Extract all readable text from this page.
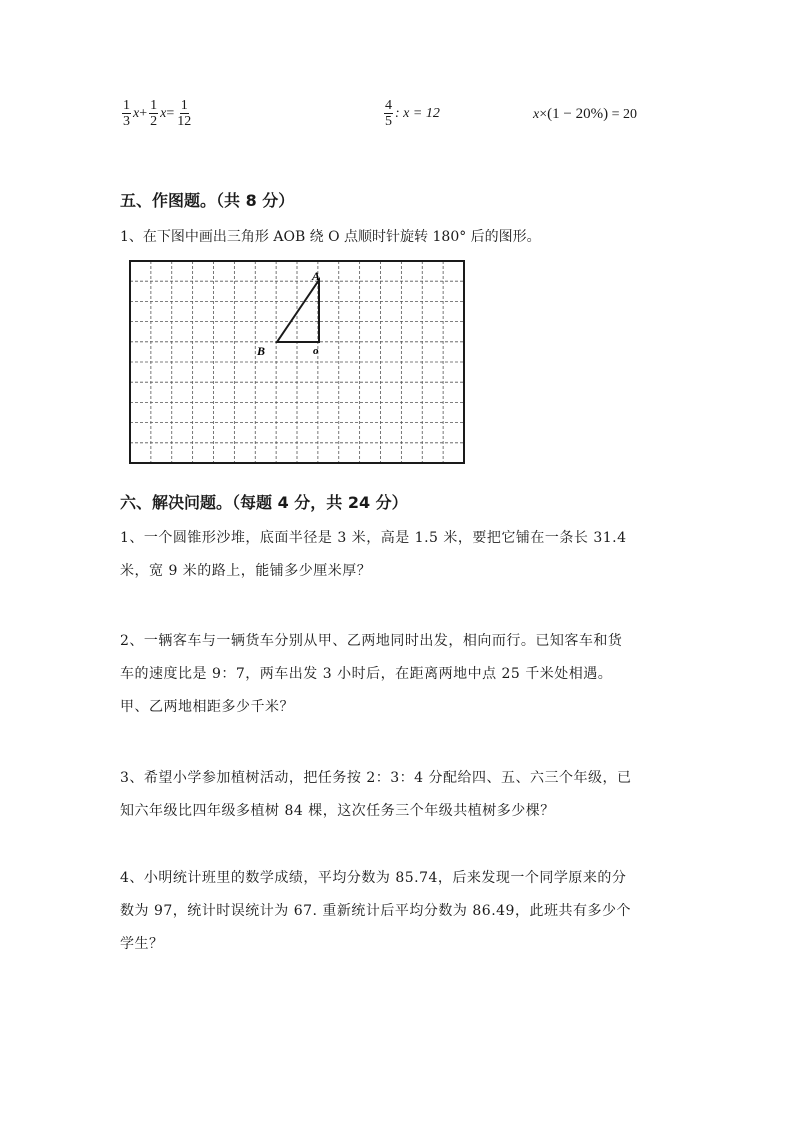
$\frac{1}{3}$ $x + \frac{1}{2}$ $x = \frac{1}{12}$	$\frac{4}{5}$ : x = 12	x × (1 − 20%) = 20
五、作图题。（共 8 分）
1、在下图中画出三角形 AOB 绕 O 点顺时针旋转 180° 后的图形。
A
B	o
六、解决问题。（每题 4 分，共 24 分）
1、一个圆锥形沙堆，底面半径是 3 米，高是 1.5 米，要把它铺在一条长 31.4
米，宽 9 米的路上，能铺多少厘米厚？
2、一辆客车与一辆货车分别从甲、乙两地同时出发，相向而行。已知客车和货
车的速度比是 9：7，两车出发 3 小时后，在距离两地中点 25 千米处相遇。
甲、乙两地相距多少千米？
3、希望小学参加植树活动，把任务按 2：3：4 分配给四、五、六三个年级，已
知六年级比四年级多植树 84 棵，这次任务三个年级共植树多少棵？
4、小明统计班里的数学成绩，平均分数为 85.74，后来发现一个同学原来的分
数为 97，统计时误统计为 67. 重新统计后平均分数为 86.49，此班共有多少个
学生？
